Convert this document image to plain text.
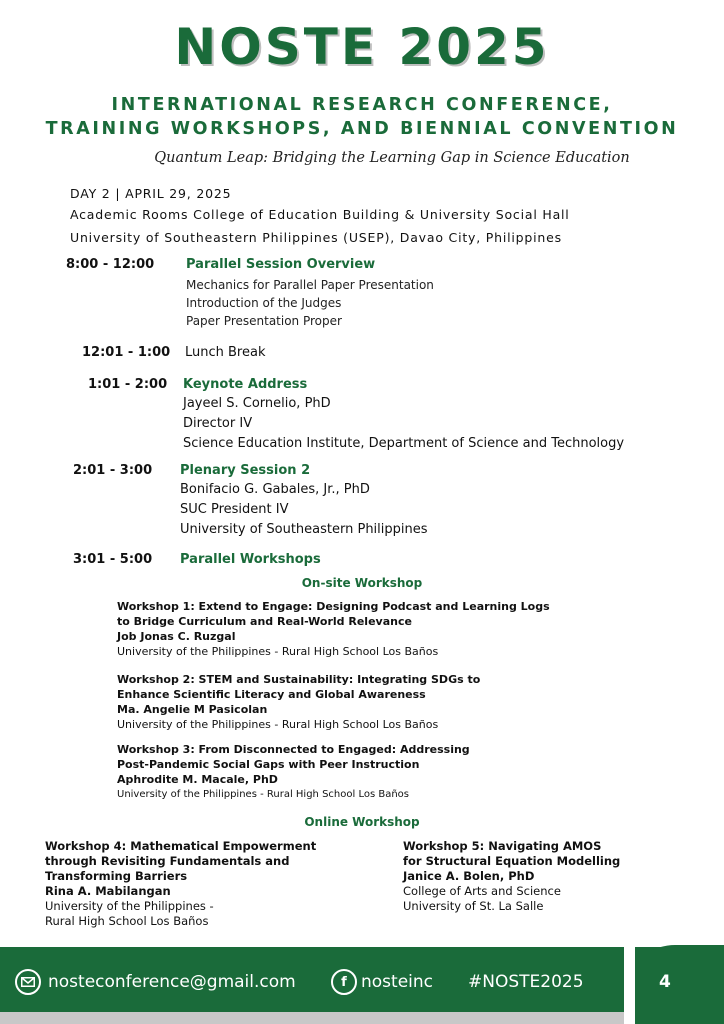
NOSTE 2025
INTERNATIONAL RESEARCH CONFERENCE,
TRAINING WORKSHOPS, AND BIENNIAL CONVENTION
Quantum Leap: Bridging the Learning Gap in Science Education
DAY 2 | APRIL 29, 2025
Academic Rooms College of Education Building & University Social Hall
University of Southeastern Philippines (USEP), Davao City, Philippines
8:00 - 12:00 Parallel Session Overview
Mechanics for Parallel Paper Presentation
Introduction of the Judges
Paper Presentation Proper
12:01 - 1:00 Lunch Break
1:01 - 2:00 Keynote Address
Jayeel S. Cornelio, PhD
Director IV
Science Education Institute, Department of Science and Technology
2:01 - 3:00 Plenary Session 2
Bonifacio G. Gabales, Jr., PhD
SUC President IV
University of Southeastern Philippines
3:01 - 5:00 Parallel Workshops
On-site Workshop
Workshop 1: Extend to Engage: Designing Podcast and Learning Logs
to Bridge Curriculum and Real-World Relevance
Job Jonas C. Ruzgal
University of the Philippines - Rural High School Los Baños
Workshop 2: STEM and Sustainability: Integrating SDGs to
Enhance Scientific Literacy and Global Awareness
Ma. Angelie M Pasicolan
University of the Philippines - Rural High School Los Baños
Workshop 3: From Disconnected to Engaged: Addressing
Post-Pandemic Social Gaps with Peer Instruction
Aphrodite M. Macale, PhD
University of the Philippines - Rural High School Los Baños
Online Workshop
Workshop 4: Mathematical Empowerment
through Revisiting Fundamentals and
Transforming Barriers
Rina A. Mabilangan
University of the Philippines -
Rural High School Los Baños
Workshop 5: Navigating AMOS
for Structural Equation Modelling
Janice A. Bolen, PhD
College of Arts and Science
University of St. La Salle
nosteconference@gmail.com	f nosteinc #NOSTE2025	4
